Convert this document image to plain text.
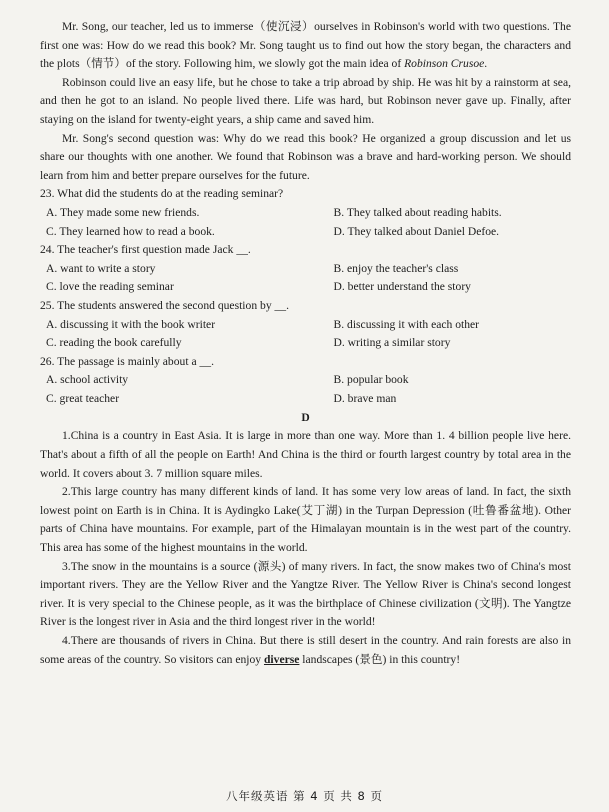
Mr. Song, our teacher, led us to immerse（使沉浸）ourselves in Robinson's world with two questions. The first one was: How do we read this book? Mr. Song taught us to find out how the story began, the characters and the plots（情节）of the story. Following him, we slowly got the main idea of Robinson Crusoe.

Robinson could live an easy life, but he chose to take a trip abroad by ship. He was hit by a rainstorm at sea, and then he got to an island. No people lived there. Life was hard, but Robinson never gave up. Finally, after staying on the island for twenty-eight years, a ship came and saved him.

Mr. Song's second question was: Why do we read this book? He organized a group discussion and let us share our thoughts with one another. We found that Robinson was a brave and hard-working person. We should learn from him and better prepare ourselves for the future.

23. What did the students do at the reading seminar?
A. They made some new friends.	B. They talked about reading habits.
C. They learned how to read a book.	D. They talked about Daniel Defoe.
24. The teacher's first question made Jack __.
A. want to write a story	B. enjoy the teacher's class
C. love the reading seminar	D. better understand the story
25. The students answered the second question by __.
A. discussing it with the book writer	B. discussing it with each other
C. reading the book carefully	D. writing a similar story
26. The passage is mainly about a __.
A. school activity	B. popular book
C. great teacher	D. brave man
D

1.China is a country in East Asia. It is large in more than one way. More than 1. 4 billion people live here. That's about a fifth of all the people on Earth! And China is the third or fourth largest country by total area in the world. It covers about 3. 7 million square miles.

2.This large country has many different kinds of land. It has some very low areas of land. In fact, the sixth lowest point on Earth is in China. It is Aydingko Lake(艾丁湖) in the Turpan Depression (吐鲁番盆地). Other parts of China have mountains. For example, part of the Himalayan mountain is in the west part of the country. This area has some of the highest mountains in the world.

3.The snow in the mountains is a source (源头) of many rivers. In fact, the snow makes two of China's most important rivers. They are the Yellow River and the Yangtze River. The Yellow River is China's second longest river. It is very special to the Chinese people, as it was the birthplace of Chinese civilization (文明). The Yangtze River is the longest river in Asia and the third longest river in the world!

4.There are thousands of rivers in China. But there is still desert in the country. And rain forests are also in some areas of the country. So visitors can enjoy diverse landscapes (景色) in this country!

八年级英语 第 4 页 共 8 页
